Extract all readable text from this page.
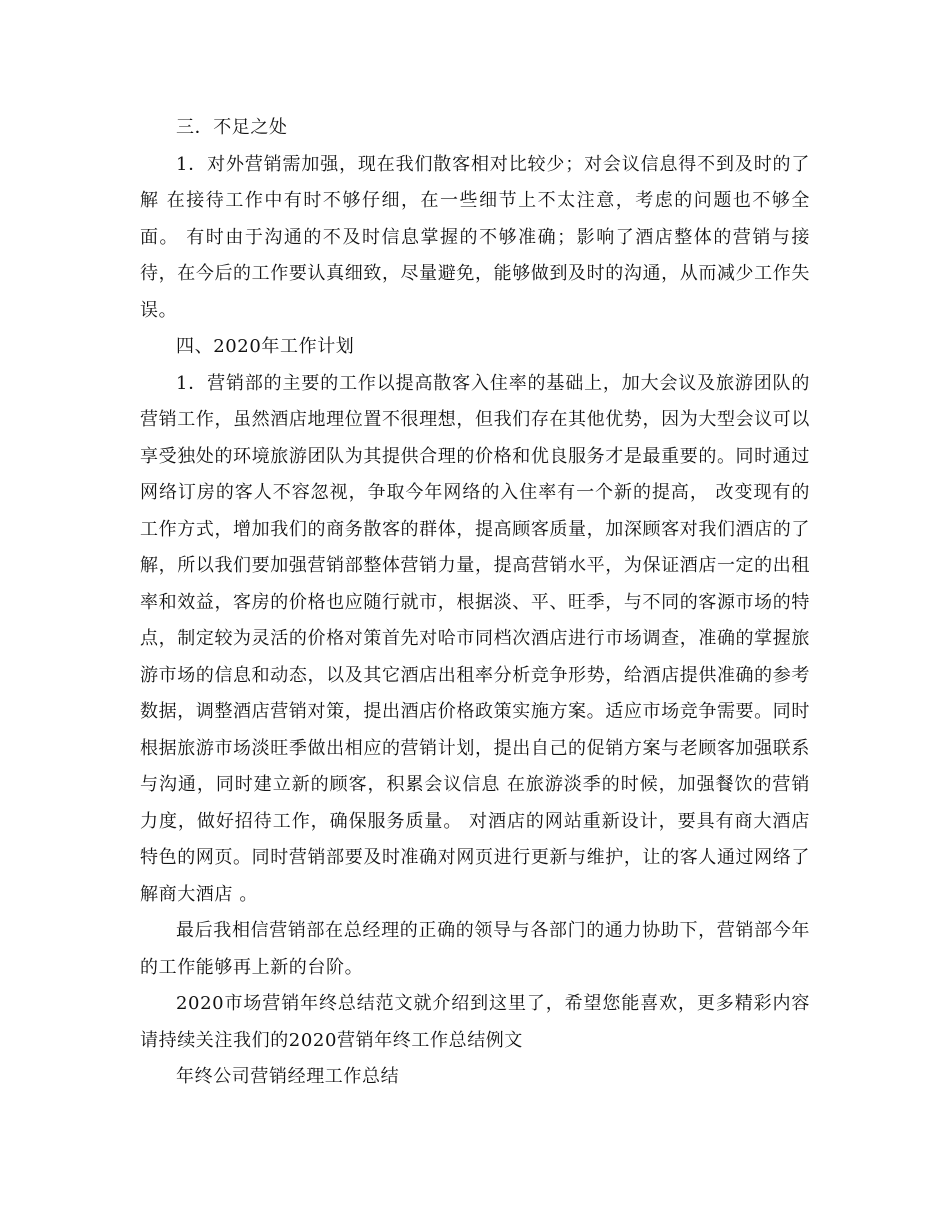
三．不足之处

1．对外营销需加强，现在我们散客相对比较少；对会议信息得不到及时的了解 在接待工作中有时不够仔细，在一些细节上不太注意，考虑的问题也不够全面。 有时由于沟通的不及时信息掌握的不够准确；影响了酒店整体的营销与接待，在今后的工作要认真细致，尽量避免，能够做到及时的沟通，从而减少工作失误。

四、2020年工作计划

1．营销部的主要的工作以提高散客入住率的基础上，加大会议及旅游团队的营销工作，虽然酒店地理位置不很理想，但我们存在其他优势，因为大型会议可以享受独处的环境旅游团队为其提供合理的价格和优良服务才是最重要的。同时通过网络订房的客人不容忽视，争取今年网络的入住率有一个新的提高， 改变现有的工作方式，增加我们的商务散客的群体，提高顾客质量，加深顾客对我们酒店的了解，所以我们要加强营销部整体营销力量，提高营销水平，为保证酒店一定的出租率和效益，客房的价格也应随行就市，根据淡、平、旺季，与不同的客源市场的特点，制定较为灵活的价格对策首先对哈市同档次酒店进行市场调查，准确的掌握旅游市场的信息和动态，以及其它酒店出租率分析竞争形势，给酒店提供准确的参考数据，调整酒店营销对策，提出酒店价格政策实施方案。适应市场竞争需要。同时根据旅游市场淡旺季做出相应的营销计划，提出自己的促销方案与老顾客加强联系与沟通，同时建立新的顾客，积累会议信息 在旅游淡季的时候，加强餐饮的营销力度，做好招待工作，确保服务质量。 对酒店的网站重新设计，要具有商大酒店特色的网页。同时营销部要及时准确对网页进行更新与维护，让的客人通过网络了解商大酒店 。

最后我相信营销部在总经理的正确的领导与各部门的通力协助下，营销部今年的工作能够再上新的台阶。

2020市场营销年终总结范文就介绍到这里了，希望您能喜欢，更多精彩内容请持续关注我们的2020营销年终工作总结例文

年终公司营销经理工作总结
